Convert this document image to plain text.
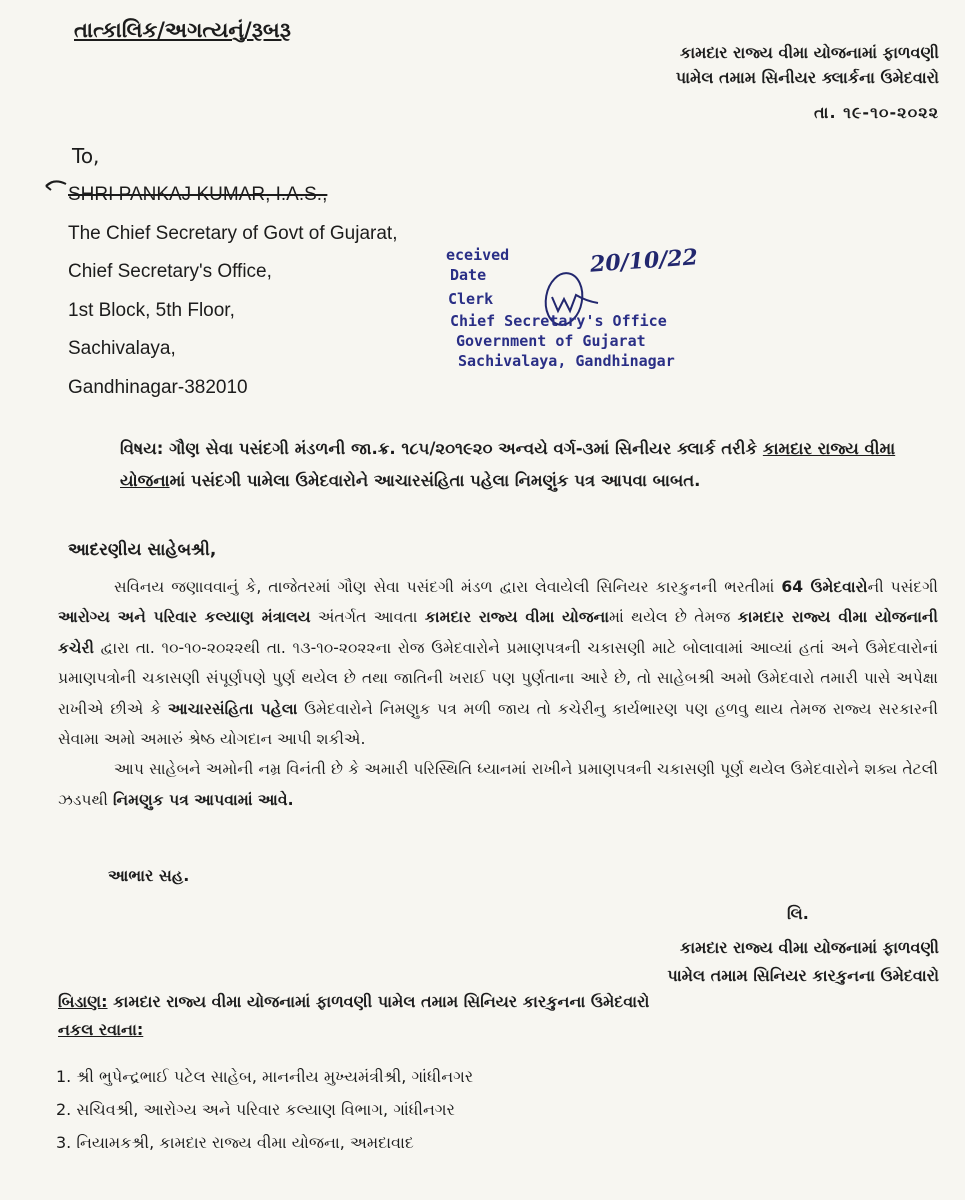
તાત્કાલિક/અગત્યનું/રૂબરૂ
કામદાર રાજ્ય વીમા યોજનામાં ફાળવણી
પામેલ તમામ સિનીયર ક્લાર્કના ઉમેદવારો
તા. ૧૯-૧૦-૨૦૨૨
To,
SHRI PANKAJ KUMAR, I.A.S.,
The Chief Secretary of Govt of Gujarat,
Chief Secretary's Office,
1st Block, 5th Floor,
Sachivalaya,
Gandhinagar-382010
eceived
Date	20/10/22
Clerk
Chief Secretary's Office
Government of Gujarat
Sachivalaya, Gandhinagar
વિષય: ગૌણ સેવા પસંદગી મંડળની જા.ક્ર. ૧૮૫/૨૦૧૯૨૦ અન્વયે વર્ગ-૩માં સિનીયર ક્લાર્ક તરીકે કામદાર રાજ્ય વીમા
યોજનામાં પસંદગી પામેલા ઉમેદવારોને આચારસંહિતા પહેલા નિમણુંક પત્ર આપવા બાબત.
આદરણીય સાહેબશ્રી,

સવિનય જણાવવાનું કે, તાજેતરમાં ગૌણ સેવા પસંદગી મંડળ દ્વારા લેવાયેલી સિનિયર કારકુનની ભરતીમાં 64 ઉમેદવારોની પસંદગી આરોગ્ય અને પરિવાર કલ્યાણ મંત્રાલય અંતર્ગત આવતા કામદાર રાજ્ય વીમા યોજનામાં થયેલ છે તેમજ કામદાર રાજ્ય વીમા યોજનાની કચેરી દ્વારા તા. ૧૦-૧૦-૨૦૨૨થી તા. ૧૩-૧૦-૨૦૨૨ના રોજ ઉમેદવારોને પ્રમાણપત્રની ચકાસણી માટે બોલાવામાં આવ્યાં હતાં અને ઉમેદવારોનાં પ્રમાણપત્રોની ચકાસણી સંપૂર્ણપણે પુર્ણ થયેલ છે તથા જાતિની ખરાઈ પણ પુર્ણતાના આરે છે, તો સાહેબશ્રી અમો ઉમેદવારો તમારી પાસે અપેક્ષા રાખીએ છીએ કે આચારસંહિતા પહેલા ઉમેદવારોને નિમણુક પત્ર મળી જાય તો કચેરીનુ કાર્યભારણ પણ હળવુ થાય તેમજ રાજ્ય સરકારની સેવામા અમો અમારું શ્રેષ્ઠ યોગદાન આપી શકીએ.

આપ સાહેબને અમોની નમ્ર વિનંતી છે કે અમારી પરિસ્થિતિ ધ્યાનમાં રાખીને પ્રમાણપત્રની ચકાસણી પૂર્ણ થયેલ ઉમેદવારોને શક્ય તેટલી ઝડપથી નિમણુક પત્ર આપવામાં આવે.

આભાર સહ.
લિ.
કામદાર રાજ્ય વીમા યોજનામાં ફાળવણી
પામેલ તમામ સિનિયર કારકુનના ઉમેદવારો
બિડાણ: કામદાર રાજ્ય વીમા યોજનામાં ફાળવણી પામેલ તમામ સિનિયર કારકુનના ઉમેદવારો
નકલ રવાના:
1. શ્રી ભુપેન્દ્રભાઈ પટેલ સાહેબ, માનનીય મુખ્યમંત્રીશ્રી, ગાંધીનગર
2. સચિવશ્રી, આરોગ્ય અને પરિવાર કલ્યાણ વિભાગ, ગાંધીનગર
3. નિયામકશ્રી, કામદાર રાજ્ય વીમા યોજના, અમદાવાદ
